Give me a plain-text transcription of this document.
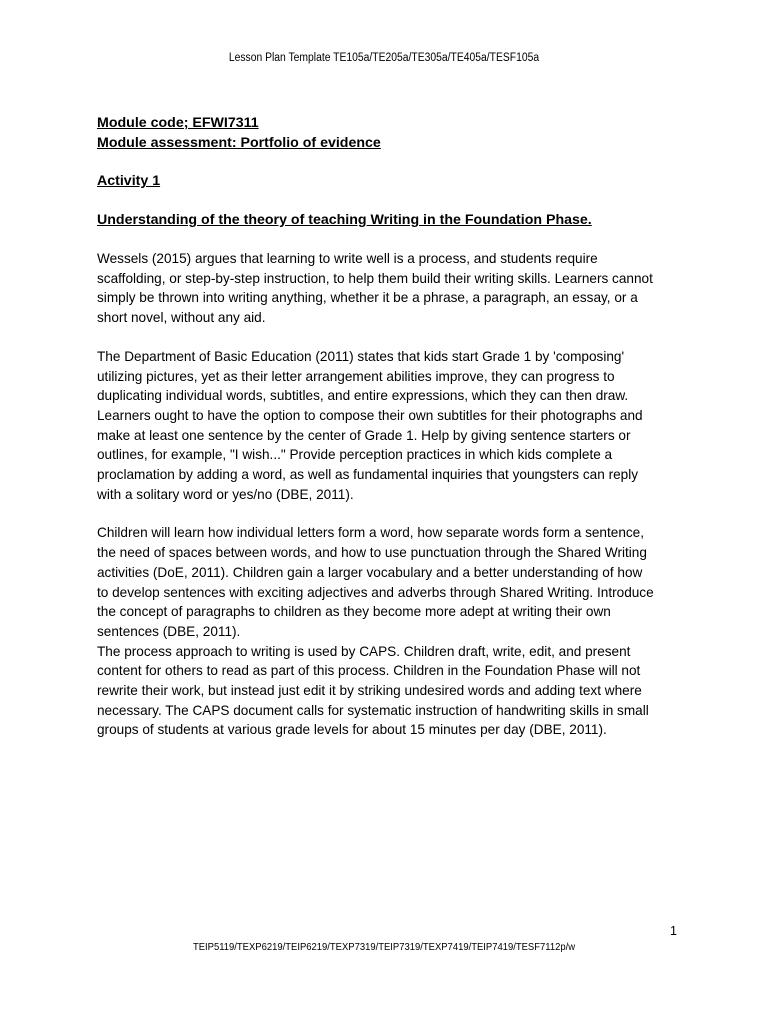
Lesson Plan Template TE105a/TE205a/TE305a/TE405a/TESF105a

Module code; EFWI7311

Module assessment: Portfolio of evidence

Activity 1

Understanding of the theory of teaching Writing in the Foundation Phase.

Wessels (2015) argues that learning to write well is a process, and students require scaffolding, or step-by-step instruction, to help them build their writing skills. Learners cannot simply be thrown into writing anything, whether it be a phrase, a paragraph, an essay, or a short novel, without any aid.

The Department of Basic Education (2011) states that kids start Grade 1 by 'composing' utilizing pictures, yet as their letter arrangement abilities improve, they can progress to duplicating individual words, subtitles, and entire expressions, which they can then draw. Learners ought to have the option to compose their own subtitles for their photographs and make at least one sentence by the center of Grade 1. Help by giving sentence starters or outlines, for example, "I wish..." Provide perception practices in which kids complete a proclamation by adding a word, as well as fundamental inquiries that youngsters can reply with a solitary word or yes/no (DBE, 2011).

Children will learn how individual letters form a word, how separate words form a sentence, the need of spaces between words, and how to use punctuation through the Shared Writing activities (DoE, 2011). Children gain a larger vocabulary and a better understanding of how to develop sentences with exciting adjectives and adverbs through Shared Writing. Introduce the concept of paragraphs to children as they become more adept at writing their own sentences (DBE, 2011).

The process approach to writing is used by CAPS. Children draft, write, edit, and present content for others to read as part of this process. Children in the Foundation Phase will not rewrite their work, but instead just edit it by striking undesired words and adding text where necessary. The CAPS document calls for systematic instruction of handwriting skills in small groups of students at various grade levels for about 15 minutes per day (DBE, 2011).

1
TEIP5119/TEXP6219/TEIP6219/TEXP7319/TEIP7319/TEXP7419/TEIP7419/TESF7112p/w
